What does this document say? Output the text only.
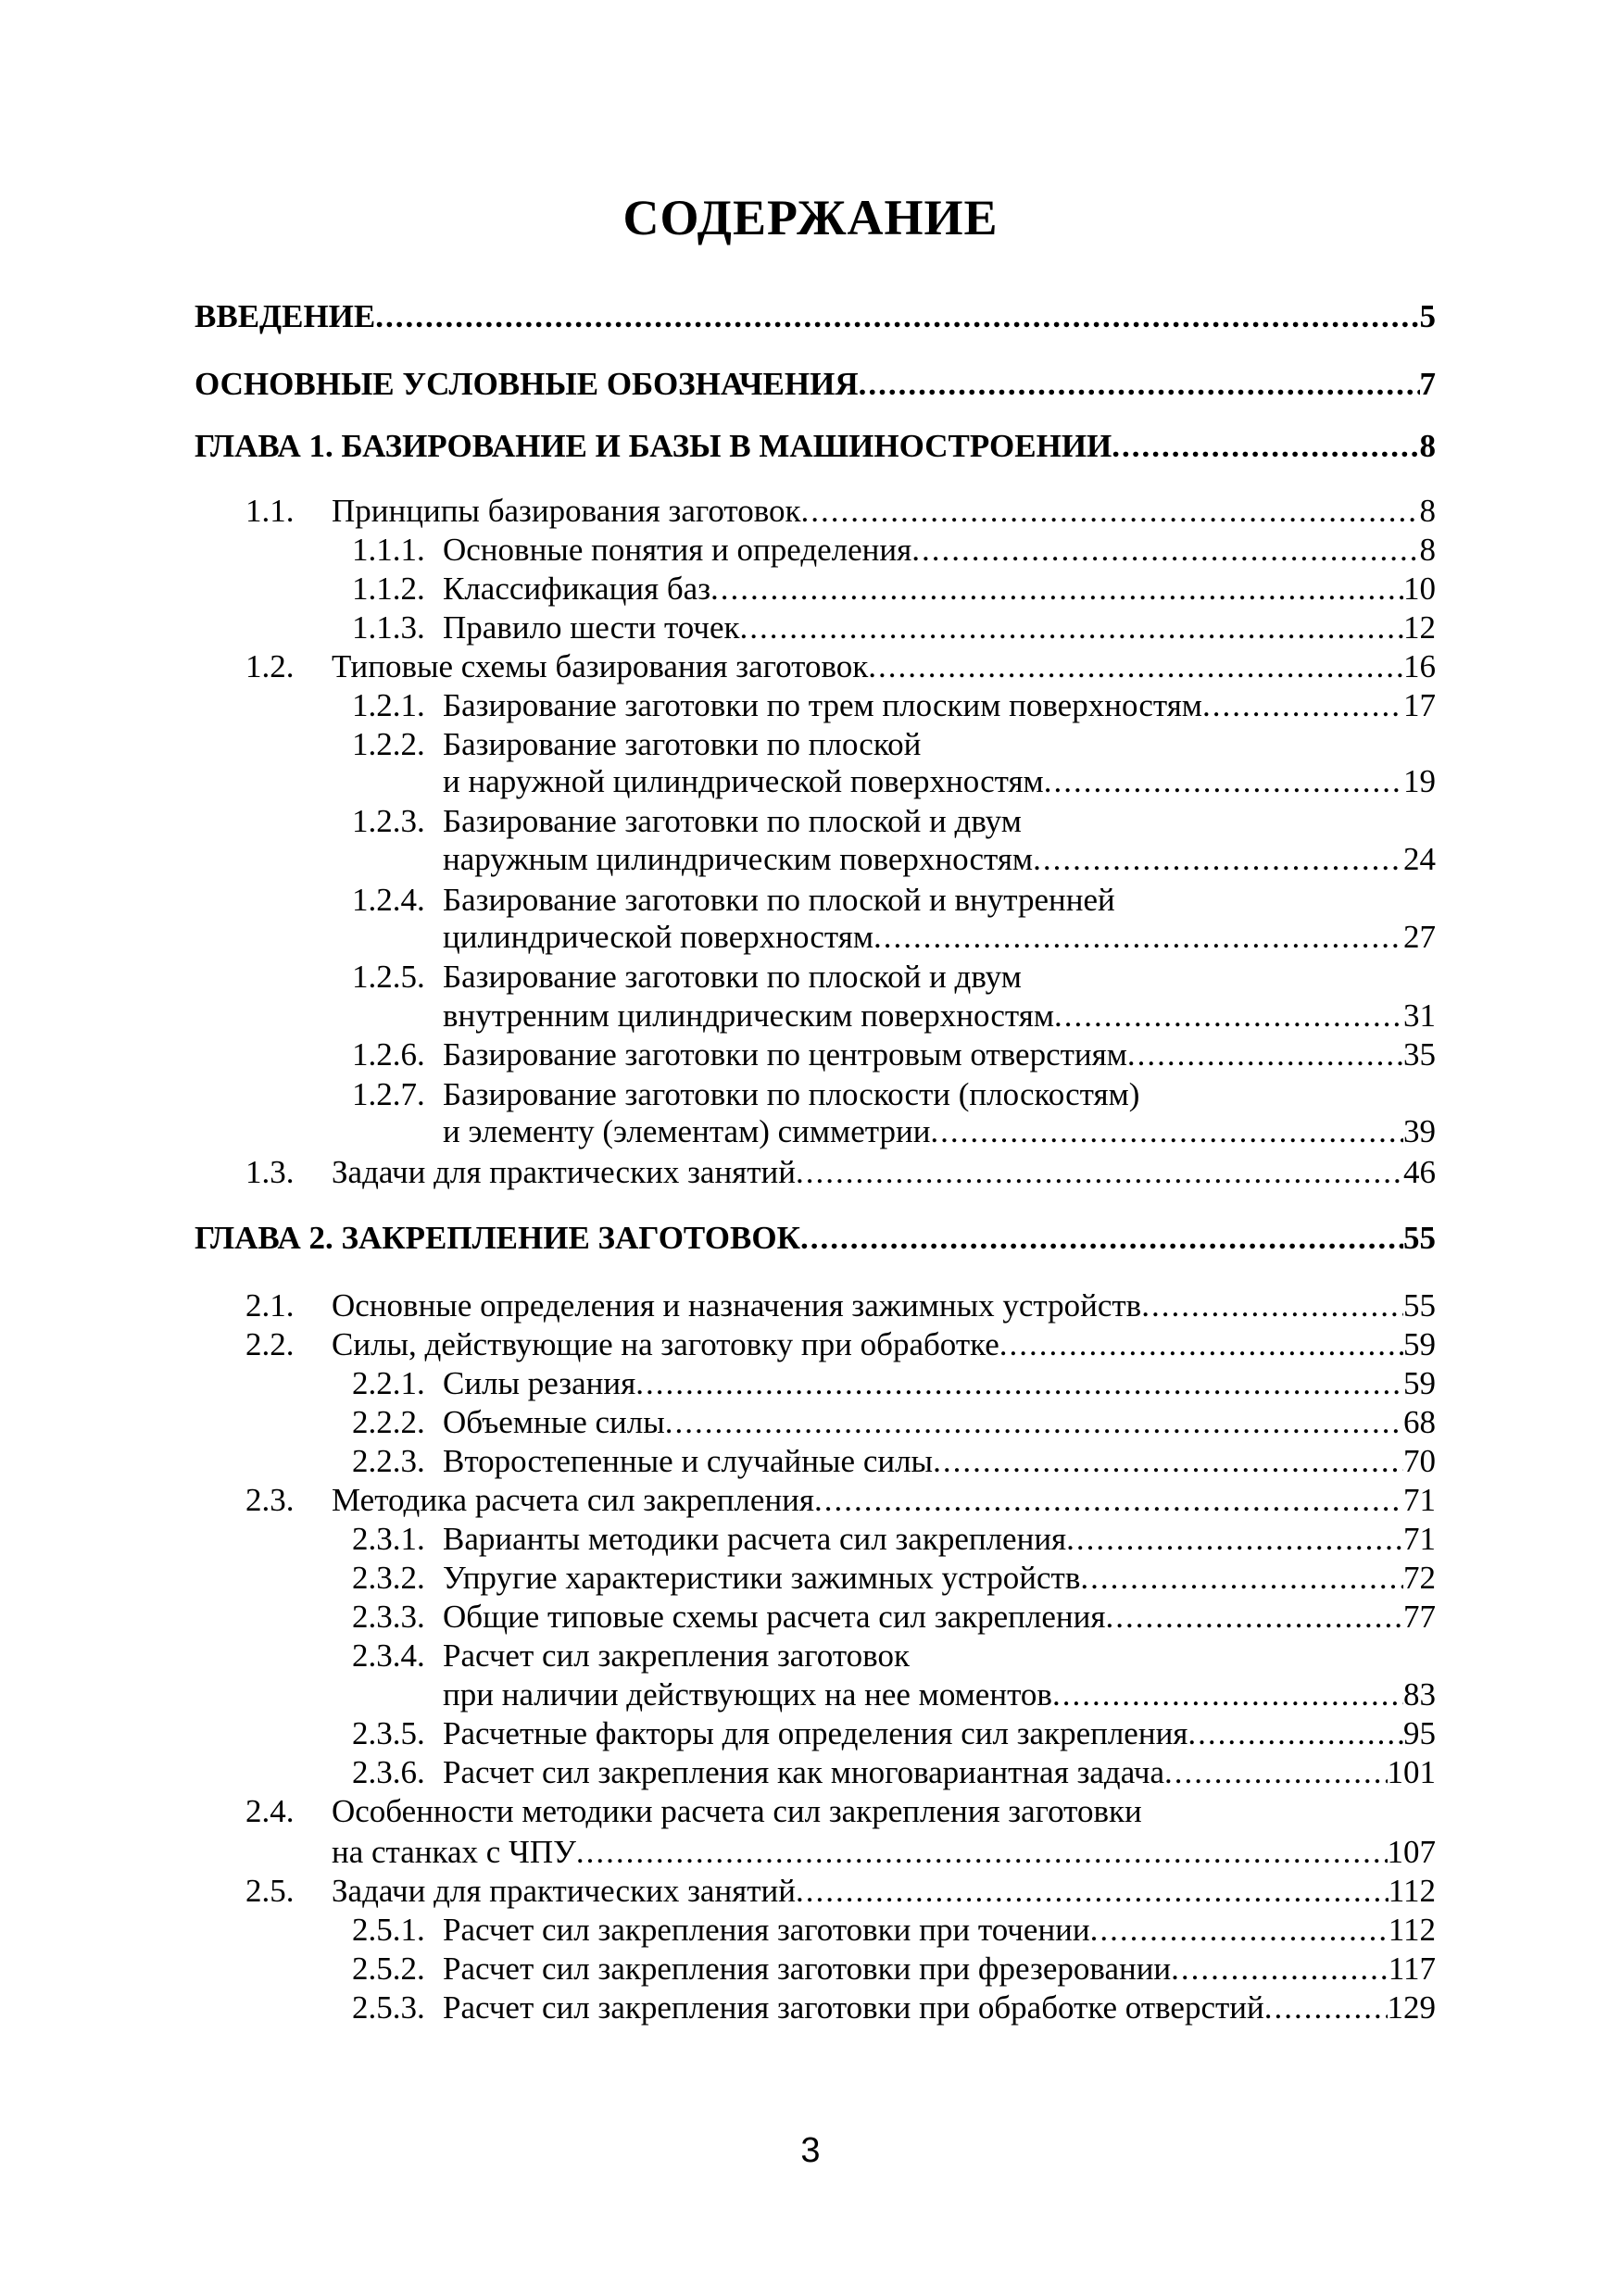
СОДЕРЖАНИЕ
ВВЕДЕНИЕ .....	5
ОСНОВНЫЕ УСЛОВНЫЕ ОБОЗНАЧЕНИЯ .....	7
ГЛАВА 1. БАЗИРОВАНИЕ И БАЗЫ В МАШИНОСТРОЕНИИ .....	8
1.1.	Принципы базирования заготовок .....	8
1.1.1. Основные понятия и определения .....	8
1.1.2. Классификация баз .....	10
1.1.3. Правило шести точек .....	12
1.2.	Типовые схемы базирования заготовок .....	16
1.2.1. Базирование заготовки по трем плоским поверхностям .....	17
1.2.2. Базирование заготовки по плоской
и наружной цилиндрической поверхностям .....	19
1.2.3. Базирование заготовки по плоской и двум
наружным цилиндрическим поверхностям .....	24
1.2.4. Базирование заготовки по плоской и внутренней
цилиндрической поверхностям .....	27
1.2.5. Базирование заготовки по плоской и двум
внутренним цилиндрическим поверхностям .....	31
1.2.6. Базирование заготовки по центровым отверстиям .....	35
1.2.7. Базирование заготовки по плоскости (плоскостям)
и элементу (элементам) симметрии .....	39
1.3.	Задачи для практических занятий .....	46
ГЛАВА 2. ЗАКРЕПЛЕНИЕ ЗАГОТОВОК .....	55
2.1.	Основные определения и назначения зажимных устройств .....	55
2.2.	Силы, действующие на заготовку при обработке .....	59
2.2.1. Силы резания .....	59
2.2.2. Объемные силы .....	68
2.2.3. Второстепенные и случайные силы .....	70
2.3.	Методика расчета сил закрепления .....	71
2.3.1. Варианты методики расчета сил закрепления .....	71
2.3.2. Упругие характеристики зажимных устройств .....	72
2.3.3. Общие типовые схемы расчета сил закрепления .....	77
2.3.4. Расчет сил закрепления заготовок
при наличии действующих на нее моментов .....	83
2.3.5. Расчетные факторы для определения сил закрепления .....	95
2.3.6. Расчет сил закрепления как многовариантная задача .....	101
2.4.	Особенности методики расчета сил закрепления заготовки
на станках с ЧПУ .....	107
2.5.	Задачи для практических занятий .....	112
2.5.1. Расчет сил закрепления заготовки при точении .....	112
2.5.2. Расчет сил закрепления заготовки при фрезеровании .....	117
2.5.3. Расчет сил закрепления заготовки при обработке отверстий .....	129
3
